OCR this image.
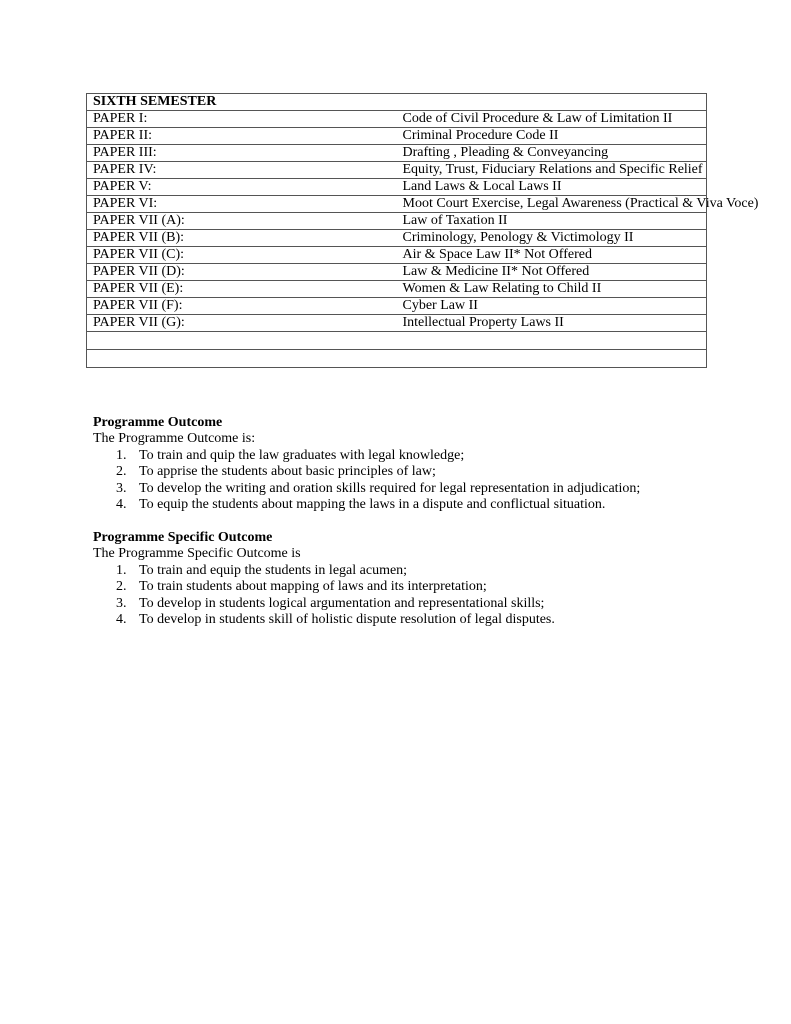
SIXTH SEMESTER	
PAPER I:	Code of Civil Procedure & Law of Limitation II
PAPER II:	Criminal Procedure Code II
PAPER III:	Drafting , Pleading & Conveyancing
PAPER IV:	Equity, Trust, Fiduciary Relations and Specific Relief
PAPER V:	Land Laws & Local Laws II
PAPER VI:	Moot Court Exercise, Legal Awareness (Practical & Viva Voce)
PAPER VII (A):	Law of Taxation II
PAPER VII (B):	Criminology, Penology & Victimology II
PAPER VII (C):	Air & Space Law II* Not Offered
PAPER VII (D):	Law & Medicine II* Not Offered
PAPER VII (E):	Women & Law Relating to Child II
PAPER VII (F):	Cyber Law II
PAPER VII (G):	Intellectual Property Laws II

Programme Outcome

The Programme Outcome is:

1. To train and quip the law graduates with legal knowledge;
2. To apprise the students about basic principles of law;
3. To develop the writing and oration skills required for legal representation in adjudication;
4. To equip the students about mapping the laws in a dispute and conflictual situation.

Programme Specific Outcome

The Programme Specific Outcome is

1. To train and equip the students in legal acumen;
2. To train students about mapping of laws and its interpretation;
3. To develop in students logical argumentation and representational skills;
4. To develop in students skill of holistic dispute resolution of legal disputes.
